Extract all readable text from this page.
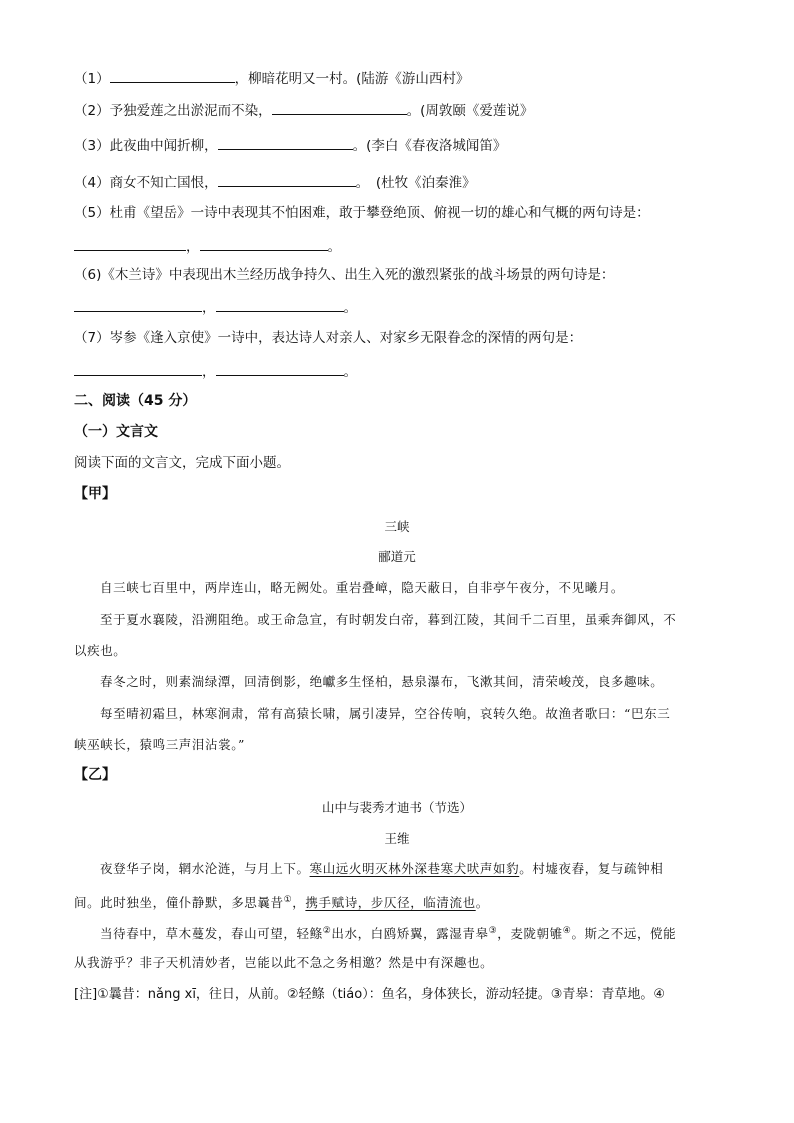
（1）	，柳暗花明又一村。(陆游《游山西村》
（2）予独爱莲之出淤泥而不染，	。(周敦颐《爱莲说》
（3）此夜曲中闻折柳，	。(李白《春夜洛城闻笛》
（4）商女不知亡国恨，	。　(杜牧《泊秦淮》
（5）杜甫《望岳》一诗中表现其不怕困难，敢于攀登绝顶、俯视一切的雄心和气概的两句诗是：
，	。
（6)《木兰诗》中表现出木兰经历战争持久、出生入死的激烈紧张的战斗场景的两句诗是：
，	。
（7）岑参《逢入京使》一诗中，表达诗人对亲人、对家乡无限眷念的深情的两句是：
，	。
二、阅读（45 分）
（一）文言文
阅读下面的文言文，完成下面小题。
【甲】
三峡
郦道元
自三峡七百里中，两岸连山，略无阙处。重岩叠嶂，隐天蔽日，自非亭午夜分，不见曦月。
至于夏水襄陵，沿溯阻绝。或王命急宣，有时朝发白帝，暮到江陵，其间千二百里，虽乘奔御风，不
以疾也。
春冬之时，则素湍绿潭，回清倒影，绝巘多生怪柏，悬泉瀑布，飞漱其间，清荣峻茂，良多趣味。
每至晴初霜旦，林寒涧肃，常有高猿长啸，属引凄异，空谷传响，哀转久绝。故渔者歌曰：“巴东三
峡巫峡长，猿鸣三声泪沾裳。”
【乙】
山中与裴秀才迪书（节选）
王维
夜登华子岗，辋水沦涟，与月上下。寒山远火明灭林外深巷寒犬吠声如豹。村墟夜舂，复与疏钟相
间。此时独坐，僮仆静默，多思曩昔①，携手赋诗，步仄径，临清流也。
当待春中，草木蔓发，春山可望，轻鲦②出水，白鸥矫翼，露湿青皋③，麦陇朝雊④。斯之不远，傥能
从我游乎？非子天机清妙者，岂能以此不急之务相邀？然是中有深趣也。
[注]①曩昔：nǎng xī，往日，从前。②轻鲦（tiáo）：鱼名，身体狭长，游动轻捷。③青皋：青草地。④
